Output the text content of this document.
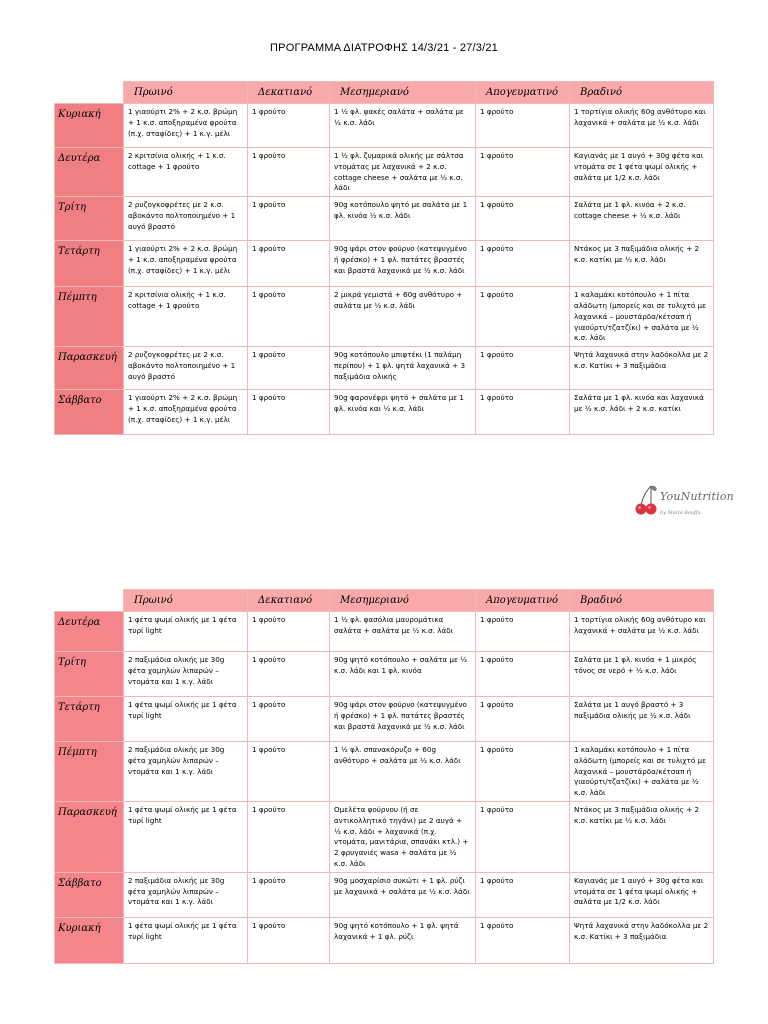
ΠΡΟΓΡΑΜΜΑ ΔΙΑΤΡΟΦΗΣ 14/3/21 - 27/3/21
	Πρωινό	Δεκατιανό	Μεσημεριανό	Απογευματινό	Βραδινό
Κυριακή	1 γιαούρτι 2% + 2 κ.σ. βρώμη + 1 κ.σ. αποξηραμένα φρούτα (π.χ. σταφίδες) + 1 κ.γ. μέλι	1 φρούτο	1 ½ φλ. φακές σαλάτα + σαλάτα με ½ κ.σ. λάδι	1 φρούτο	1 τορτίγια ολικής 60g ανθότυρο και λαχανικά + σαλάτα με ½ κ.σ. λάδι
Δευτέρα	2 κριτσίνια ολικής + 1 κ.σ. cottage + 1 φρούτο	1 φρούτο	1 ½ φλ. ζυμαρικά ολικής με σάλτσα ντομάτας με λαχανικά + 2 κ.σ. cottage cheese + σαλάτα με ½ κ.σ. λάδι	1 φρούτο	Καγιανάς με 1 αυγό + 30g φέτα και ντομάτα σε 1 φέτα ψωμί ολικής + σαλάτα με 1/2 κ.σ. λάδι
Τρίτη	2 ρυζογκοφρέτες με 2 κ.σ. αβοκάντο πολτοποιημένο + 1 αυγό βραστό	1 φρούτο	90g κοτόπουλο ψητό με σαλάτα με 1 φλ. κινόα ½ κ.σ. λάδι	1 φρούτο	Σαλάτα με 1 φλ. κινόα + 2 κ.σ. cottage cheese + ½ κ.σ. λάδι
Τετάρτη	1 γιαούρτι 2% + 2 κ.σ. βρώμη + 1 κ.σ. αποξηραμένα φρούτα (π.χ. σταφίδες) + 1 κ.γ. μέλι	1 φρούτο	90g ψάρι στον φούρνο (κατεψυγμένο ή φρέσκο) + 1 φλ. πατάτες βραστές και βραστά λαχανικά με ½ κ.σ. λάδι	1 φρούτο	Ντάκος με 3 παξιμάδια ολικής + 2 κ.σ. κατίκι με ½ κ.σ. λάδι
Πέμπτη	2 κριτσίνια ολικής + 1 κ.σ. cottage + 1 φρούτο	1 φρούτο	2 μικρά γεμιστά + 60g ανθότυρο + σαλάτα με ½ κ.σ. λάδι	1 φρούτο	1 καλαμάκι κοτόπουλο + 1 πίτα αλάδωτη (μπορείς και σε τυλιχτό με λαχανικά – μουστάρδα/κέτσαπ ή γιαούρτι/τζατζίκι) + σαλάτα με ½ κ.σ. λάδι
Παρασκευή	2 ρυζογκοφρέτες με 2 κ.σ. αβοκάντο πολτοποιημένο + 1 αυγό βραστό	1 φρούτο	90g κοτόπουλο μπιφτέκι (1 παλάμη περίπου) + 1 φλ. ψητά λαχανικά + 3 παξιμάδια ολικής	1 φρούτο	Ψητά λαχανικά στην λαδόκολλα με 2 κ.σ. Κατίκι + 3 παξιμάδια
Σάββατο	1 γιαούρτι 2% + 2 κ.σ. βρώμη + 1 κ.σ. αποξηραμένα φρούτα (π.χ. σταφίδες) + 1 κ.γ. μέλι	1 φρούτο	90g φαρονέφρι ψητό + σαλάτα με 1 φλ. κινόα και ½ κ.σ. λάδι	1 φρούτο	Σαλάτα με 1 φλ. κινόα και λαχανικά με ½ κ.σ. λάδι + 2 κ.σ. κατίκι
YouNutrition
by Maria Bouffa
	Πρωινό	Δεκατιανό	Μεσημεριανό	Απογευματινό	Βραδινό
Δευτέρα	1 φέτα ψωμί ολικής με 1 φέτα τυρί light	1 φρούτο	1 ½ φλ. φασόλια μαυρομάτικα σαλάτα + σαλάτα με ½ κ.σ. λάδι	1 φρούτο	1 τορτίγια ολικής 60g ανθότυρο και λαχανικά + σαλάτα με ½ κ.σ. λάδι
Τρίτη	2 παξιμάδια ολικής με 30g φέτα χαμηλών λιπαρών – ντομάτα και 1 κ.γ. λάδι	1 φρούτο	90g ψητό κοτόπουλο + σαλάτα με ½ κ.σ. λάδι και 1 φλ. κινόα	1 φρούτο	Σαλάτα με 1 φλ. κινόα + 1 μικρός τόνος σε νερό + ½ κ.σ. λάδι
Τετάρτη	1 φέτα ψωμί ολικής με 1 φέτα τυρί light	1 φρούτο	90g ψάρι στον φούρνο (κατεψυγμένο ή φρέσκο) + 1 φλ. πατάτες βραστές και βραστά λαχανικά με ½ κ.σ. λάδι	1 φρούτο	Σαλάτα με 1 αυγό βραστό + 3 παξιμάδια ολικής με ½ κ.σ. λάδι
Πέμπτη	2 παξιμάδια ολικής με 30g φέτα χαμηλών λιπαρών – ντομάτα και 1 κ.γ. λάδι	1 φρούτο	1 ½ φλ. σπανακόρυζο + 60g ανθότυρο + σαλάτα με ½ κ.σ. λάδι	1 φρούτο	1 καλαμάκι κοτόπουλο + 1 πίτα αλάδωτη (μπορείς και σε τυλιχτό με λαχανικά – μουστάρδα/κέτσαπ ή γιαούρτι/τζατζίκι) + σαλάτα με ½ κ.σ. λάδι
Παρασκευή	1 φέτα ψωμί ολικής με 1 φέτα τυρί light	1 φρούτο	Ομελέτα φούρνου (ή σε αντικολλητικό τηγάνι) με 2 αυγά + ½ κ.σ. λάδι + λαχανικά (π.χ. ντομάτα, μανιτάρια, σπανάκι κτλ.) + 2 φρυγανιές wasa + σαλάτα με ½ κ.σ. λάδι	1 φρούτο	Ντάκος με 3 παξιμάδια ολικής + 2 κ.σ. κατίκι με ½ κ.σ. λάδι
Σάββατο	2 παξιμάδια ολικής με 30g φέτα χαμηλών λιπαρών – ντομάτα και 1 κ.γ. λάδι	1 φρούτο	90g μοσχαρίσιο συκώτι + 1 φλ. ρύζι με λαχανικά + σαλάτα με ½ κ.σ. λάδι	1 φρούτο	Καγιανάς με 1 αυγό + 30g φέτα και ντομάτα σε 1 φέτα ψωμί ολικής + σαλάτα με 1/2 κ.σ. λάδι
Κυριακή	1 φέτα ψωμί ολικής με 1 φέτα τυρί light	1 φρούτο	90g ψητό κοτόπουλο + 1 φλ. ψητά λαχανικά + 1 φλ. ρύζι	1 φρούτο	Ψητά λαχανικά στην λαδόκολλα με 2 κ.σ. Κατίκι + 3 παξιμάδια
